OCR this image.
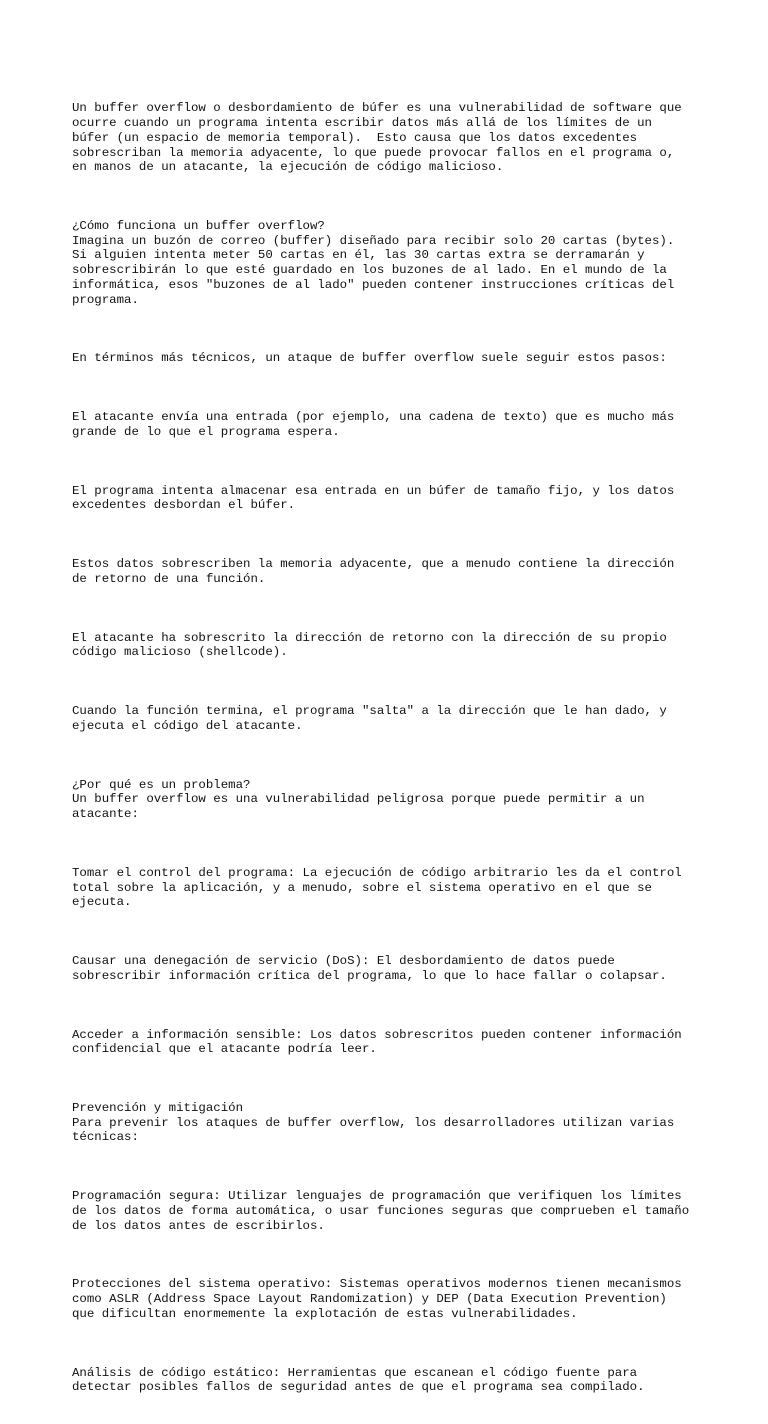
Un buffer overflow o desbordamiento de búfer es una vulnerabilidad de software que
ocurre cuando un programa intenta escribir datos más allá de los límites de un
búfer (un espacio de memoria temporal).  Esto causa que los datos excedentes
sobrescriban la memoria adyacente, lo que puede provocar fallos en el programa o,
en manos de un atacante, la ejecución de código malicioso.

¿Cómo funciona un buffer overflow?
Imagina un buzón de correo (buffer) diseñado para recibir solo 20 cartas (bytes).
Si alguien intenta meter 50 cartas en él, las 30 cartas extra se derramarán y
sobrescribirán lo que esté guardado en los buzones de al lado. En el mundo de la
informática, esos "buzones de al lado" pueden contener instrucciones críticas del
programa.

En términos más técnicos, un ataque de buffer overflow suele seguir estos pasos:

El atacante envía una entrada (por ejemplo, una cadena de texto) que es mucho más
grande de lo que el programa espera.

El programa intenta almacenar esa entrada en un búfer de tamaño fijo, y los datos
excedentes desbordan el búfer.

Estos datos sobrescriben la memoria adyacente, que a menudo contiene la dirección
de retorno de una función.

El atacante ha sobrescrito la dirección de retorno con la dirección de su propio
código malicioso (shellcode).

Cuando la función termina, el programa "salta" a la dirección que le han dado, y
ejecuta el código del atacante.

¿Por qué es un problema?
Un buffer overflow es una vulnerabilidad peligrosa porque puede permitir a un
atacante:

Tomar el control del programa: La ejecución de código arbitrario les da el control
total sobre la aplicación, y a menudo, sobre el sistema operativo en el que se
ejecuta.

Causar una denegación de servicio (DoS): El desbordamiento de datos puede
sobrescribir información crítica del programa, lo que lo hace fallar o colapsar.

Acceder a información sensible: Los datos sobrescritos pueden contener información
confidencial que el atacante podría leer.

Prevención y mitigación
Para prevenir los ataques de buffer overflow, los desarrolladores utilizan varias
técnicas:

Programación segura: Utilizar lenguajes de programación que verifiquen los límites
de los datos de forma automática, o usar funciones seguras que comprueben el tamaño
de los datos antes de escribirlos.

Protecciones del sistema operativo: Sistemas operativos modernos tienen mecanismos
como ASLR (Address Space Layout Randomization) y DEP (Data Execution Prevention)
que dificultan enormemente la explotación de estas vulnerabilidades.

Análisis de código estático: Herramientas que escanean el código fuente para
detectar posibles fallos de seguridad antes de que el programa sea compilado.
